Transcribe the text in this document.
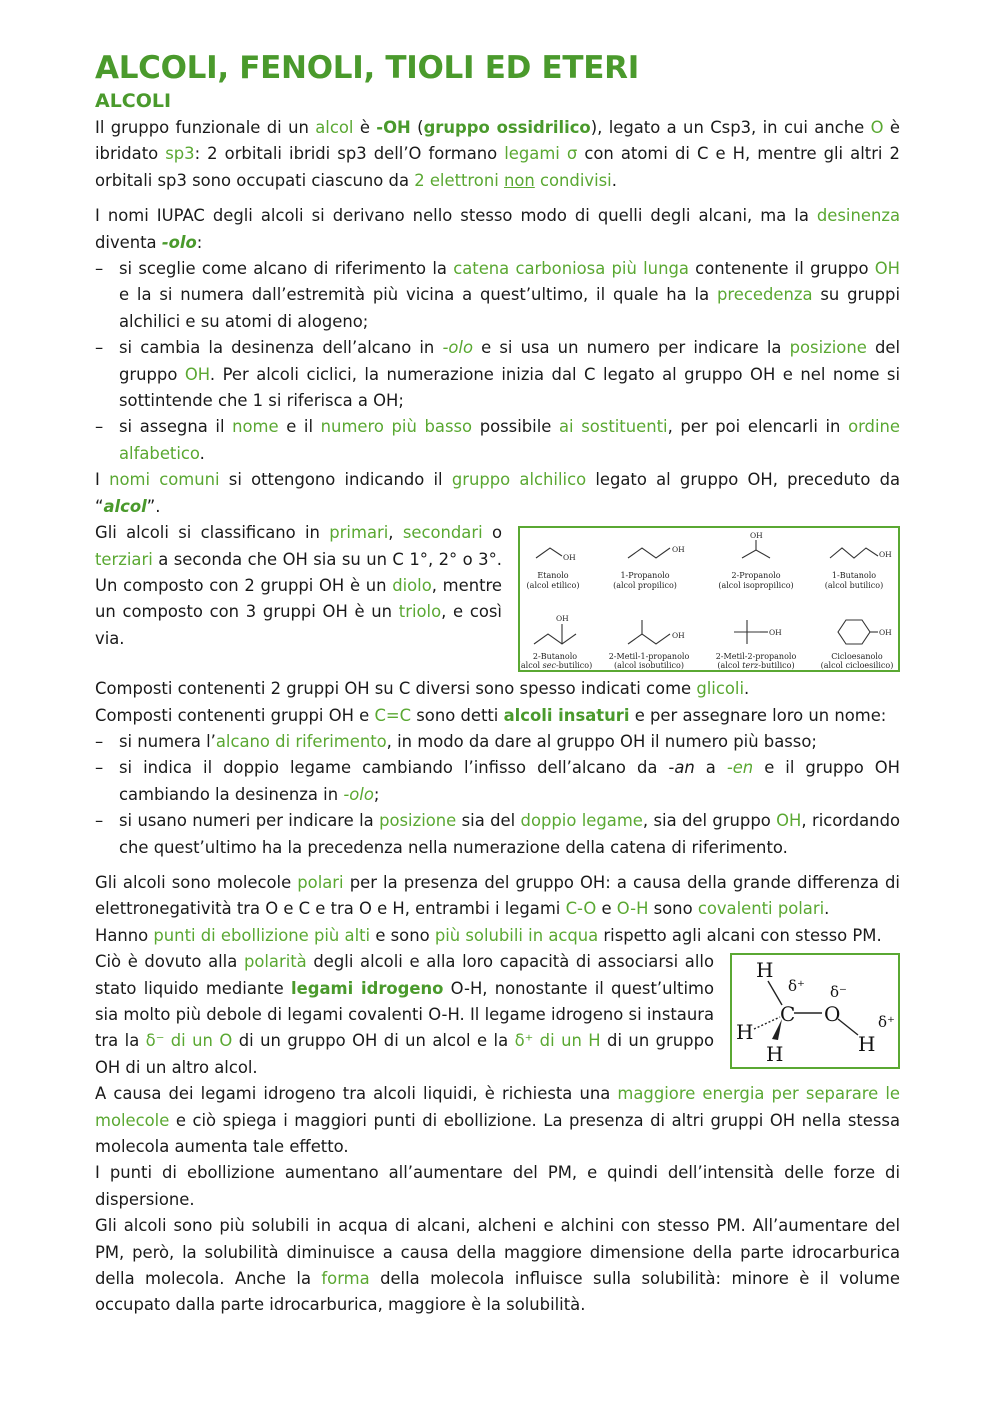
ALCOLI, FENOLI, TIOLI ED ETERI
ALCOLI

Il gruppo funzionale di un alcol è -OH (gruppo ossidrilico), legato a un Csp3, in cui anche O è ibridato sp3: 2 orbitali ibridi sp3 dell’O formano legami σ con atomi di C e H, mentre gli altri 2 orbitali sp3 sono occupati ciascuno da 2 elettroni non condivisi.

I nomi IUPAC degli alcoli si derivano nello stesso modo di quelli degli alcani, ma la desinenza diventa -olo:

– si sceglie come alcano di riferimento la catena carboniosa più lunga contenente il gruppo OH e la si numera dall’estremità più vicina a quest’ultimo, il quale ha la precedenza su gruppi alchilici e su atomi di alogeno;
– si cambia la desinenza dell’alcano in -olo e si usa un numero per indicare la posizione del gruppo OH. Per alcoli ciclici, la numerazione inizia dal C legato al gruppo OH e nel nome si sottintende che 1 si riferisca a OH;
– si assegna il nome e il numero più basso possibile ai sostituenti, per poi elencarli in ordine alfabetico.

I nomi comuni si ottengono indicando il gruppo alchilico legato al gruppo OH, preceduto da “alcol”.

OH
OH
OH
OH
OH
OH	OH	OH
Etanolo
(alcol etilico)
1-Propanolo
(alcol propilico)
2-Propanolo
(alcol isopropilico)
1-Butanolo
(alcol butilico)
2-Butanolo
(alcol sec-butilico)
2-Metil-1-propanolo
(alcol isobutilico)
2-Metil-2-propanolo
(alcol terz-butilico)
Cicloesanolo
(alcol cicloesilico)

Gli alcoli si classificano in primari, secondari o terziari a seconda che OH sia su un C 1°, 2° o 3°. Un composto con 2 gruppi OH è un diolo, mentre un composto con 3 gruppi OH è un triolo, e così via.

Composti contenenti 2 gruppi OH su C diversi sono spesso indicati come glicoli.

Composti contenenti gruppi OH e C=C sono detti alcoli insaturi e per assegnare loro un nome:

– si numera l’alcano di riferimento, in modo da dare al gruppo OH il numero più basso;
– si indica il doppio legame cambiando l’infisso dell’alcano da -an a -en e il gruppo OH cambiando la desinenza in -olo;
– si usano numeri per indicare la posizione sia del doppio legame, sia del gruppo OH, ricordando che quest’ultimo ha la precedenza nella numerazione della catena di riferimento.

Gli alcoli sono molecole polari per la presenza del gruppo OH: a causa della grande differenza di elettronegatività tra O e C e tra O e H, entrambi i legami C-O e O-H sono covalenti polari.

Hanno punti di ebollizione più alti e sono più solubili in acqua rispetto agli alcani con stesso PM.

H
C O
H
H	H
δ⁺ δ⁻
δ⁺

Ciò è dovuto alla polarità degli alcoli e alla loro capacità di associarsi allo stato liquido mediante legami idrogeno O-H, nonostante il quest’ultimo sia molto più debole di legami covalenti O-H. Il legame idrogeno si instaura tra la δ⁻ di un O di un gruppo OH di un alcol e la δ⁺ di un H di un gruppo OH di un altro alcol.

A causa dei legami idrogeno tra alcoli liquidi, è richiesta una maggiore energia per separare le molecole e ciò spiega i maggiori punti di ebollizione. La presenza di altri gruppi OH nella stessa molecola aumenta tale effetto.

I punti di ebollizione aumentano all’aumentare del PM, e quindi dell’intensità delle forze di dispersione.

Gli alcoli sono più solubili in acqua di alcani, alcheni e alchini con stesso PM. All’aumentare del PM, però, la solubilità diminuisce a causa della maggiore dimensione della parte idrocarburica della molecola. Anche la forma della molecola influisce sulla solubilità: minore è il volume occupato dalla parte idrocarburica, maggiore è la solubilità.
